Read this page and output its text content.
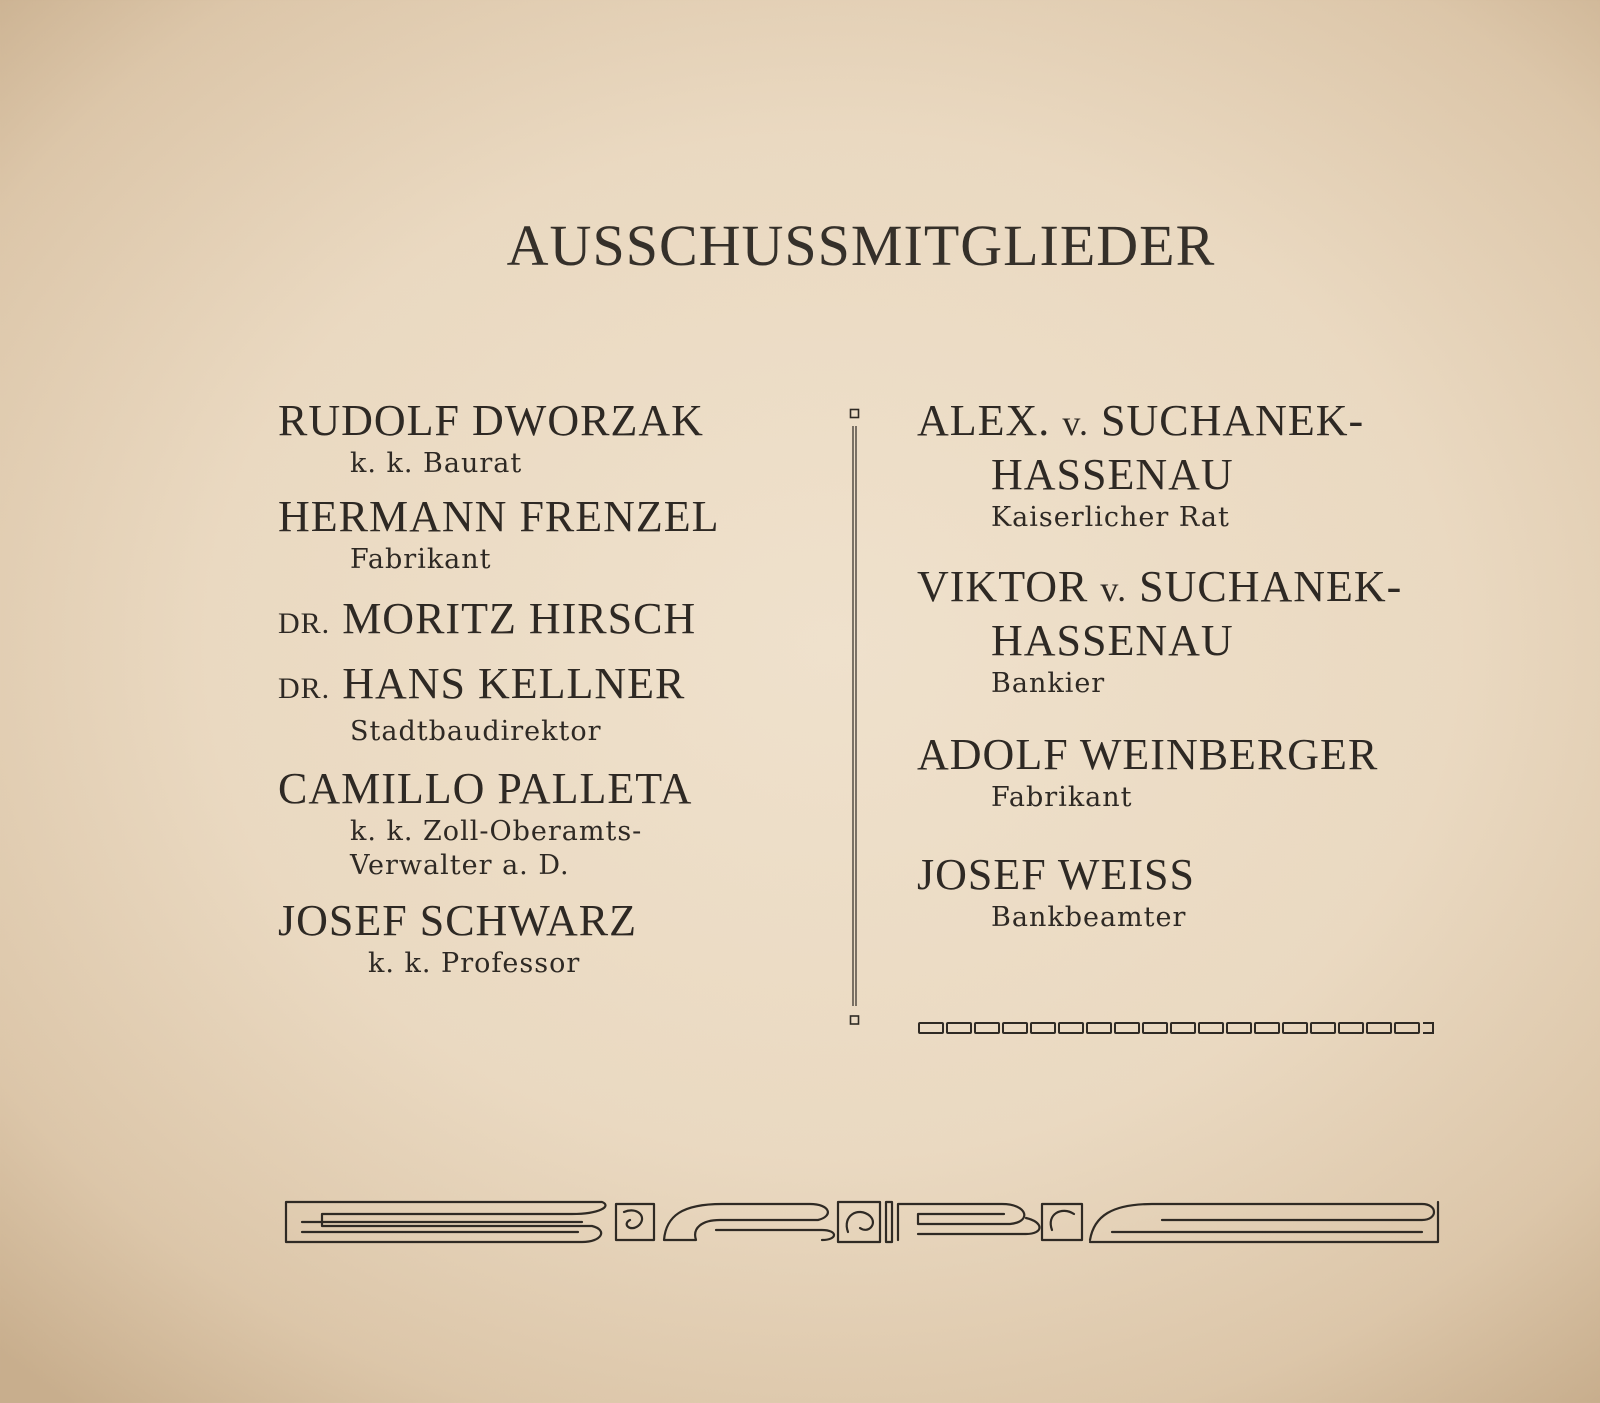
AUSSCHUSSMITGLIEDER
RUDOLF DWORZAK
k. k. Baurat
HERMANN FRENZEL
Fabrikant
DR. MORITZ HIRSCH
DR. HANS KELLNER
Stadtbaudirektor
CAMILLO PALLETA
k. k. Zoll-Oberamts-
Verwalter a. D.
JOSEF SCHWARZ
k. k. Professor
ALEX. v. SUCHANEK-
HASSENAU
Kaiserlicher Rat
VIKTOR v. SUCHANEK-
HASSENAU
Bankier
ADOLF WEINBERGER
Fabrikant
JOSEF WEISS
Bankbeamter
